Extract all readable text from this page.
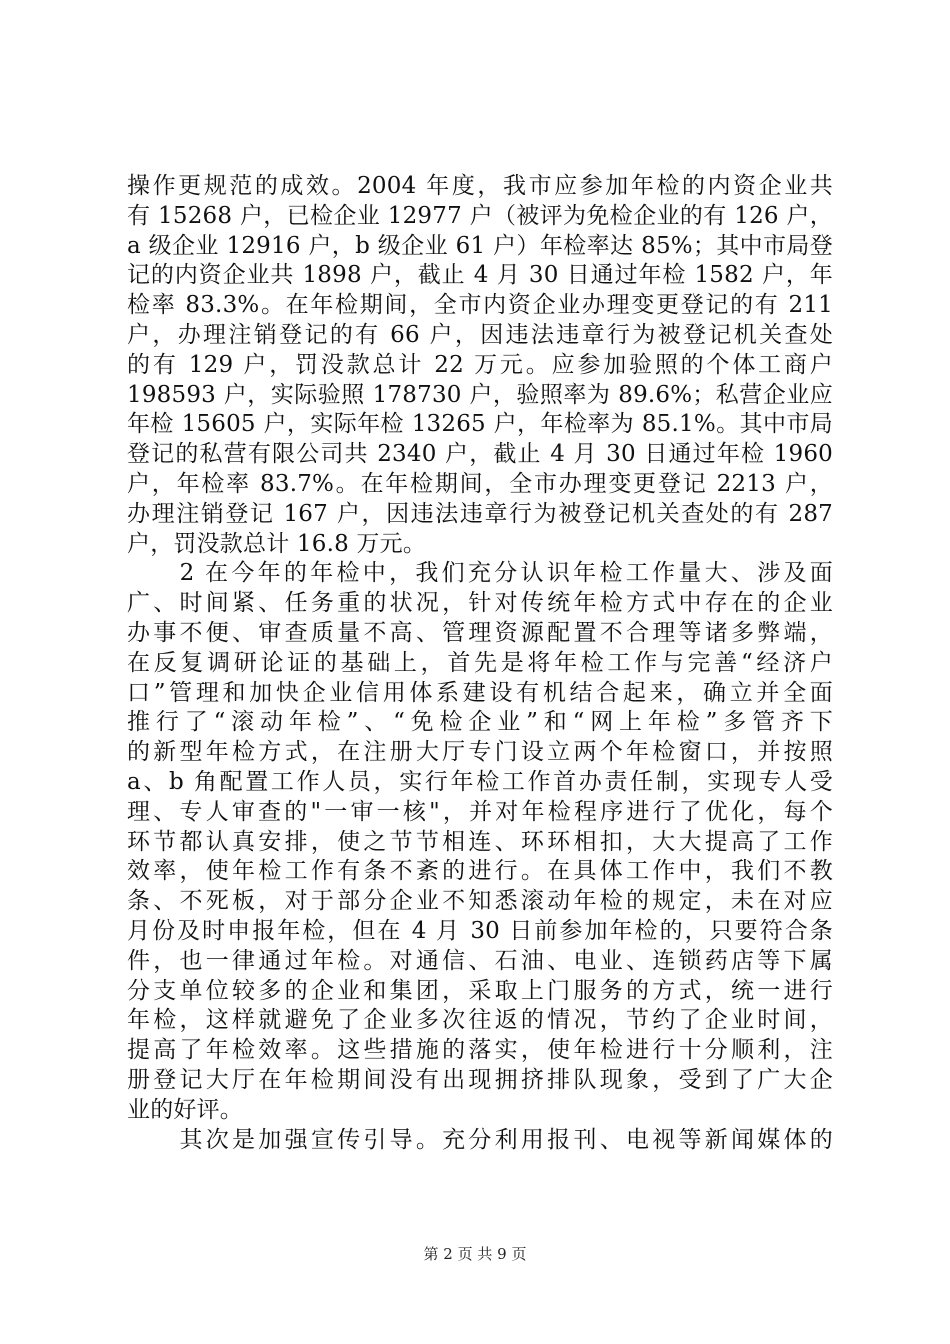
操作更规范的成效。2004 年度，我市应参加年检的内资企业共
有 15268 户，已检企业 12977 户（被评为免检企业的有 126 户，
a 级企业 12916 户，b 级企业 61 户）年检率达 85%；其中市局登
记的内资企业共 1898 户，截止 4 月 30 日通过年检 1582 户，年
检率 83.3%。在年检期间，全市内资企业办理变更登记的有 211
户，办理注销登记的有 66 户，因违法违章行为被登记机关查处
的有 129 户，罚没款总计 22 万元。应参加验照的个体工商户
198593 户，实际验照 178730 户，验照率为 89.6%；私营企业应
年检 15605 户，实际年检 13265 户，年检率为 85.1%。其中市局
登记的私营有限公司共 2340 户，截止 4 月 30 日通过年检 1960
户，年检率 83.7%。在年检期间，全市办理变更登记 2213 户，
办理注销登记 167 户，因违法违章行为被登记机关查处的有 287
户，罚没款总计 16.8 万元。
　　2 在今年的年检中，我们充分认识年检工作量大、涉及面
广、时间紧、任务重的状况，针对传统年检方式中存在的企业
办事不便、审查质量不高、管理资源配置不合理等诸多弊端，
在反复调研论证的基础上，首先是将年检工作与完善“经济户
口”管理和加快企业信用体系建设有机结合起来，确立并全面
推行了“滚动年检”、“免检企业”和“网上年检”多管齐下
的新型年检方式，在注册大厅专门设立两个年检窗口，并按照
a、b 角配置工作人员，实行年检工作首办责任制，实现专人受
理、专人审查的"一审一核"，并对年检程序进行了优化，每个
环节都认真安排，使之节节相连、环环相扣，大大提高了工作
效率，使年检工作有条不紊的进行。在具体工作中，我们不教
条、不死板，对于部分企业不知悉滚动年检的规定，未在对应
月份及时申报年检，但在 4 月 30 日前参加年检的，只要符合条
件，也一律通过年检。对通信、石油、电业、连锁药店等下属
分支单位较多的企业和集团，采取上门服务的方式，统一进行
年检，这样就避免了企业多次往返的情况，节约了企业时间，
提高了年检效率。这些措施的落实，使年检进行十分顺利，注
册登记大厅在年检期间没有出现拥挤排队现象，受到了广大企
业的好评。
　　其次是加强宣传引导。充分利用报刊、电视等新闻媒体的
第 2 页 共 9 页
